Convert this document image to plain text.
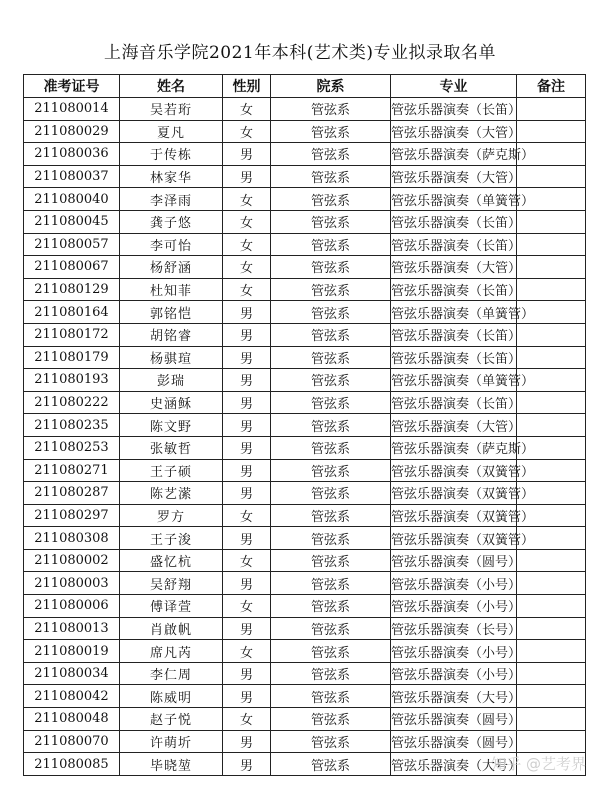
上海音乐学院2021年本科(艺术类)专业拟录取名单
准考证号	姓名	性别	院系	专业	备注
211080014	吴若珩	女	管弦系	管弦乐器演奏（长笛）	
211080029	夏凡	女	管弦系	管弦乐器演奏（大管）	
211080036	于传栋	男	管弦系	管弦乐器演奏（萨克斯）	
211080037	林家华	男	管弦系	管弦乐器演奏（大管）	
211080040	李泽雨	女	管弦系	管弦乐器演奏（单簧管）	
211080045	龚子悠	女	管弦系	管弦乐器演奏（长笛）	
211080057	李可怡	女	管弦系	管弦乐器演奏（长笛）	
211080067	杨舒涵	女	管弦系	管弦乐器演奏（大管）	
211080129	杜知菲	女	管弦系	管弦乐器演奏（长笛）	
211080164	郭铭恺	男	管弦系	管弦乐器演奏（单簧管）	
211080172	胡铭睿	男	管弦系	管弦乐器演奏（长笛）	
211080179	杨骐瑄	男	管弦系	管弦乐器演奏（长笛）	
211080193	彭瑞	男	管弦系	管弦乐器演奏（单簧管）	
211080222	史涵稣	男	管弦系	管弦乐器演奏（长笛）	
211080235	陈文野	男	管弦系	管弦乐器演奏（大管）	
211080253	张敏哲	男	管弦系	管弦乐器演奏（萨克斯）	
211080271	王子硕	男	管弦系	管弦乐器演奏（双簧管）	
211080287	陈艺潆	男	管弦系	管弦乐器演奏（双簧管）	
211080297	罗方	女	管弦系	管弦乐器演奏（双簧管）	
211080308	王子浚	男	管弦系	管弦乐器演奏（双簧管）	
211080002	盛忆杭	女	管弦系	管弦乐器演奏（圆号）	
211080003	吴舒翔	男	管弦系	管弦乐器演奏（小号）	
211080006	傅译萱	女	管弦系	管弦乐器演奏（小号）	
211080013	肖啟帆	男	管弦系	管弦乐器演奏（长号）	
211080019	席凡芮	女	管弦系	管弦乐器演奏（小号）	
211080034	李仁周	男	管弦系	管弦乐器演奏（小号）	
211080042	陈威明	男	管弦系	管弦乐器演奏（大号）	
211080048	赵子悦	女	管弦系	管弦乐器演奏（圆号）	
211080070	许萌圻	男	管弦系	管弦乐器演奏（圆号）	
211080085	毕晓堃	男	管弦系	管弦乐器演奏（大号）	
知乎 @艺考界
